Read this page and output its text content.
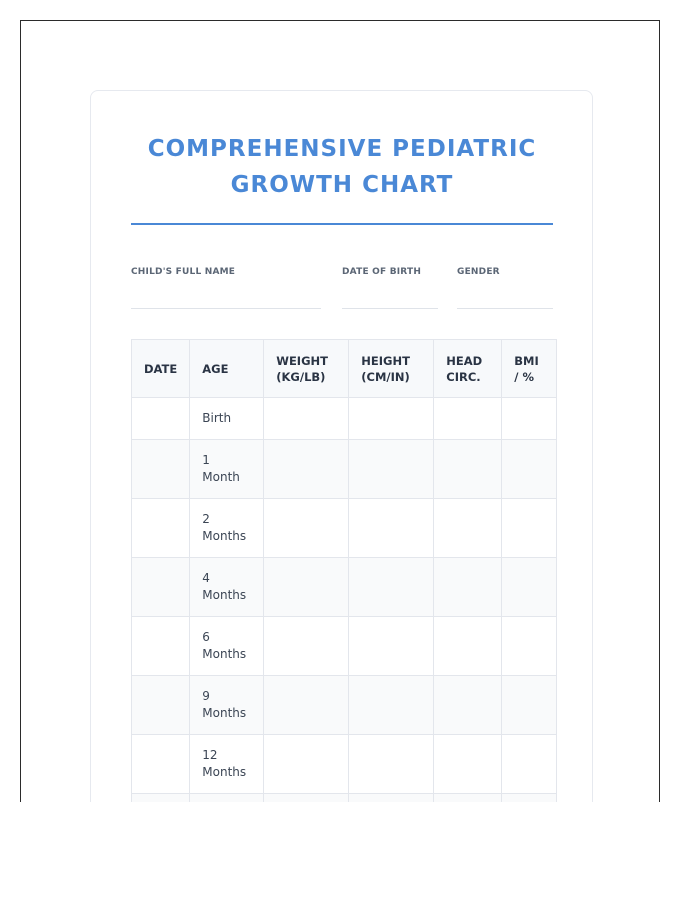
COMPREHENSIVE PEDIATRIC GROWTH CHART
CHILD'S FULL NAME	DATE OF BIRTH	GENDER
DATE	AGE	WEIGHT (KG/LB)	HEIGHT (CM/IN)	HEAD CIRC.	BMI / %
	Birth				
	1 Month				
	2 Months				
	4 Months				
	6 Months				
	9 Months				
	12 Months				
